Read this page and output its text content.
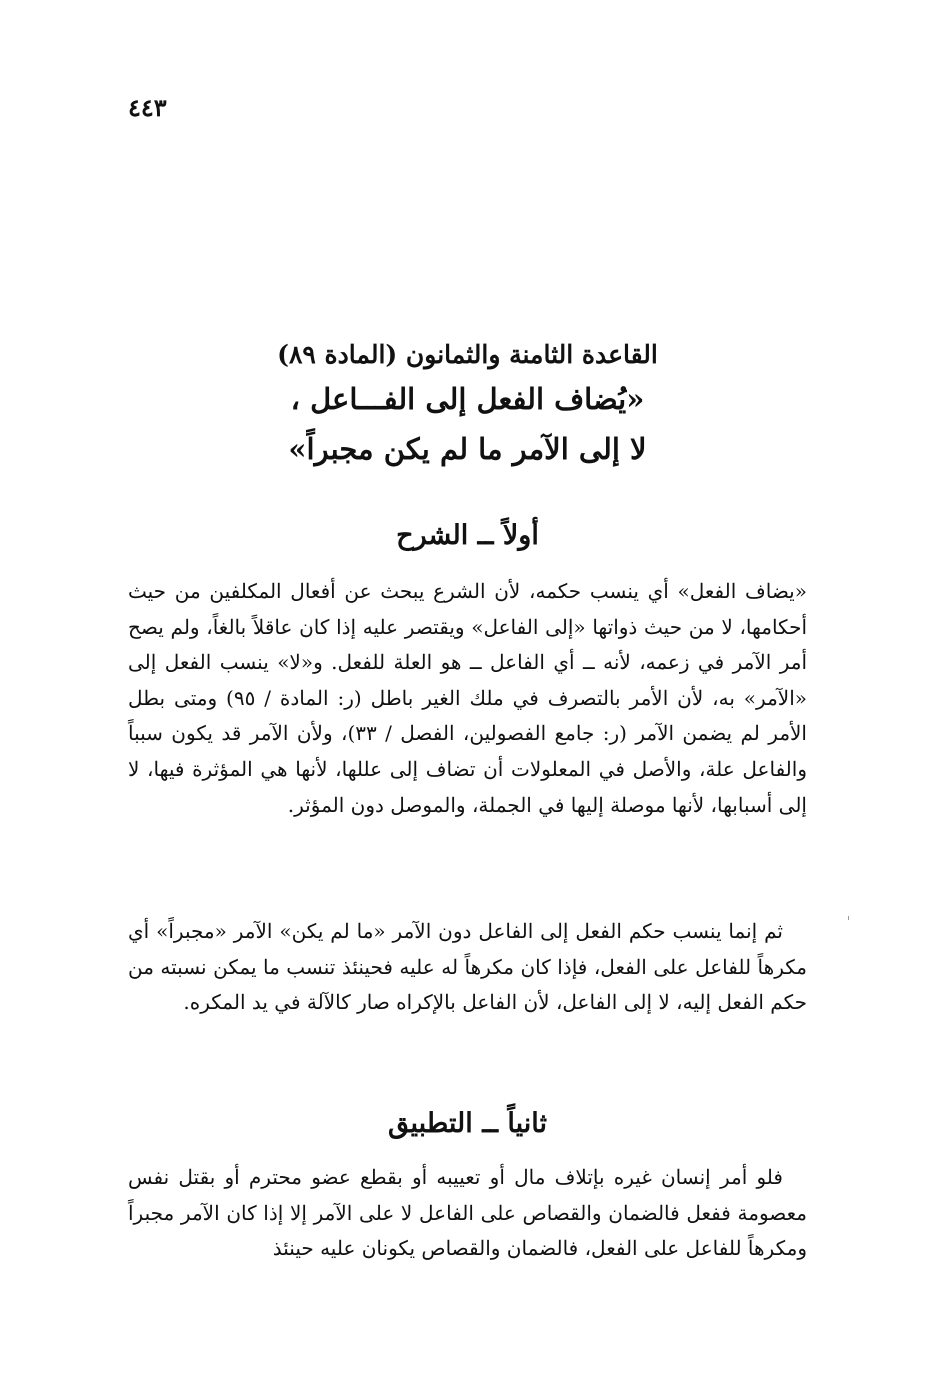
٤٤٣

القاعدة الثامنة والثمانون (المادة ٨٩)

«يُضاف الفعل إلى الفـــاعل ،

لا إلى الآمر ما لم يكن مجبراً»

أولاً ــ الشرح

«يضاف الفعل» أي ينسب حكمه، لأن الشرع يبحث عن أفعال المكلفين من حيث أحكامها، لا من حيث ذواتها «إلى الفاعل» ويقتصر عليه إذا كان عاقلاً بالغاً، ولم يصح أمر الآمر في زعمه، لأنه ــ أي الفاعل ــ هو العلة للفعل. و«لا» ينسب الفعل إلى «الآمر» به، لأن الأمر بالتصرف في ملك الغير باطل (ر: المادة / ٩٥) ومتى بطل الأمر لم يضمن الآمر (ر: جامع الفصولين، الفصل / ٣٣)، ولأن الآمر قد يكون سبباً والفاعل علة، والأصل في المعلولات أن تضاف إلى عللها، لأنها هي المؤثرة فيها، لا إلى أسبابها، لأنها موصلة إليها في الجملة، والموصل دون المؤثر.

ثم إنما ينسب حكم الفعل إلى الفاعل دون الآمر «ما لم يكن» الآمر «مجبراً» أي مكرهاً للفاعل على الفعل، فإذا كان مكرهاً له عليه فحينئذ تنسب ما يمكن نسبته من حكم الفعل إليه، لا إلى الفاعل، لأن الفاعل بالإكراه صار كالآلة في يد المكره.

ثانياً ــ التطبيق

فلو أمر إنسان غيره بإتلاف مال أو تعييبه أو بقطع عضو محترم أو بقتل نفس معصومة ففعل فالضمان والقصاص على الفاعل لا على الآمر إلا إذا كان الآمر مجبراً ومكرهاً للفاعل على الفعل، فالضمان والقصاص يكونان عليه حينئذ
